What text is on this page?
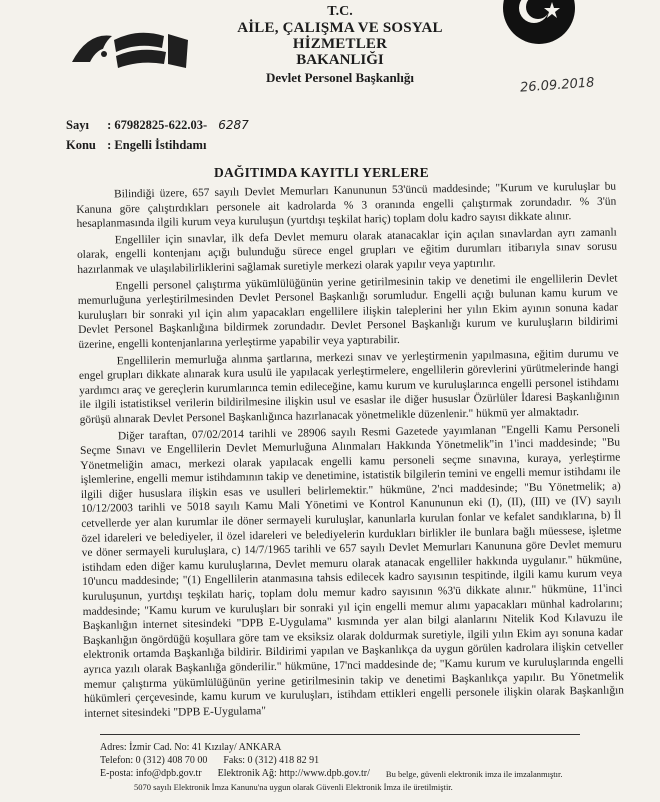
T.C.
AİLE, ÇALIŞMA VE SOSYAL HİZMETLER
BAKANLIĞI
Devlet Personel Başkanlığı	26.09.2018
Sayı : 67982825-622.03- 6287
Konu : Engelli İstihdamı
DAĞITIMDA KAYITLI YERLERE

Bilindiği üzere, 657 sayılı Devlet Memurları Kanununun 53'üncü maddesinde; "Kurum ve kuruluşlar bu Kanuna göre çalıştırdıkları personele ait kadrolarda % 3 oranında engelli çalıştırmak zorundadır. % 3'ün hesaplanmasında ilgili kurum veya kuruluşun (yurtdışı teşkilat hariç) toplam dolu kadro sayısı dikkate alınır.

Engelliler için sınavlar, ilk defa Devlet memuru olarak atanacaklar için açılan sınavlardan ayrı zamanlı olarak, engelli kontenjanı açığı bulunduğu sürece engel grupları ve eğitim durumları itibarıyla sınav sorusu hazırlanmak ve ulaşılabilirliklerini sağlamak suretiyle merkezi olarak yapılır veya yaptırılır.

Engelli personel çalıştırma yükümlülüğünün yerine getirilmesinin takip ve denetimi ile engellilerin Devlet memurluğuna yerleştirilmesinden Devlet Personel Başkanlığı sorumludur. Engelli açığı bulunan kamu kurum ve kuruluşları bir sonraki yıl için alım yapacakları engellilere ilişkin taleplerini her yılın Ekim ayının sonuna kadar Devlet Personel Başkanlığına bildirmek zorundadır. Devlet Personel Başkanlığı kurum ve kuruluşların bildirimi üzerine, engelli kontenjanlarına yerleştirme yapabilir veya yaptırabilir.

Engellilerin memurluğa alınma şartlarına, merkezi sınav ve yerleştirmenin yapılmasına, eğitim durumu ve engel grupları dikkate alınarak kura usulü ile yapılacak yerleştirmelere, engellilerin görevlerini yürütmelerinde hangi yardımcı araç ve gereçlerin kurumlarınca temin edileceğine, kamu kurum ve kuruluşlarınca engelli personel istihdamı ile ilgili istatistiksel verilerin bildirilmesine ilişkin usul ve esaslar ile diğer hususlar Özürlüler İdaresi Başkanlığının görüşü alınarak Devlet Personel Başkanlığınca hazırlanacak yönetmelikle düzenlenir." hükmü yer almaktadır.

Diğer taraftan, 07/02/2014 tarihli ve 28906 sayılı Resmi Gazetede yayımlanan "Engelli Kamu Personeli Seçme Sınavı ve Engellilerin Devlet Memurluğuna Alınmaları Hakkında Yönetmelik"in 1'inci maddesinde; "Bu Yönetmeliğin amacı, merkezi olarak yapılacak engelli kamu personeli seçme sınavına, kuraya, yerleştirme işlemlerine, engelli memur istihdamının takip ve denetimine, istatistik bilgilerin temini ve engelli memur istihdamı ile ilgili diğer hususlara ilişkin esas ve usulleri belirlemektir." hükmüne, 2'nci maddesinde; "Bu Yönetmelik; a) 10/12/2003 tarihli ve 5018 sayılı Kamu Mali Yönetimi ve Kontrol Kanununun eki (I), (II), (III) ve (IV) sayılı cetvellerde yer alan kurumlar ile döner sermayeli kuruluşlar, kanunlarla kurulan fonlar ve kefalet sandıklarına, b) İl özel idareleri ve belediyeler, il özel idareleri ve belediyelerin kurdukları birlikler ile bunlara bağlı müessese, işletme ve döner sermayeli kuruluşlara, c) 14/7/1965 tarihli ve 657 sayılı Devlet Memurları Kanununa göre Devlet memuru istihdam eden diğer kamu kuruluşlarına, Devlet memuru olarak atanacak engelliler hakkında uygulanır." hükmüne, 10'uncu maddesinde; "(1) Engellilerin atanmasına tahsis edilecek kadro sayısının tespitinde, ilgili kamu kurum veya kuruluşunun, yurtdışı teşkilatı hariç, toplam dolu memur kadro sayısının %3'ü dikkate alınır." hükmüne, 11'inci maddesinde; "Kamu kurum ve kuruluşları bir sonraki yıl için engelli memur alımı yapacakları münhal kadrolarını; Başkanlığın internet sitesindeki "DPB E-Uygulama" kısmında yer alan bilgi alanlarını Nitelik Kod Kılavuzu ile Başkanlığın öngördüğü koşullara göre tam ve eksiksiz olarak doldurmak suretiyle, ilgili yılın Ekim ayı sonuna kadar elektronik ortamda Başkanlığa bildirir. Bildirimi yapılan ve Başkanlıkça da uygun görülen kadrolara ilişkin cetveller ayrıca yazılı olarak Başkanlığa gönderilir." hükmüne, 17'nci maddesinde de; "Kamu kurum ve kuruluşlarında engelli memur çalıştırma yükümlülüğünün yerine getirilmesinin takip ve denetimi Başkanlıkça yapılır. Bu Yönetmelik hükümleri çerçevesinde, kamu kurum ve kuruluşları, istihdam ettikleri engelli personele ilişkin olarak Başkanlığın internet sitesindeki "DPB E-Uygulama"

Adres: İzmir Cad. No: 41 Kızılay/ ANKARA
Telefon: 0 (312) 408 70 00 Faks: 0 (312) 418 82 91
E-posta: info@dpb.gov.tr Elektronik Ağ: http://www.dpb.gov.tr/ Bu belge, güvenli elektronik imza ile imzalanmıştır.
5070 sayılı Elektronik İmza Kanunu'na uygun olarak Güvenli Elektronik İmza ile üretilmiştir.
